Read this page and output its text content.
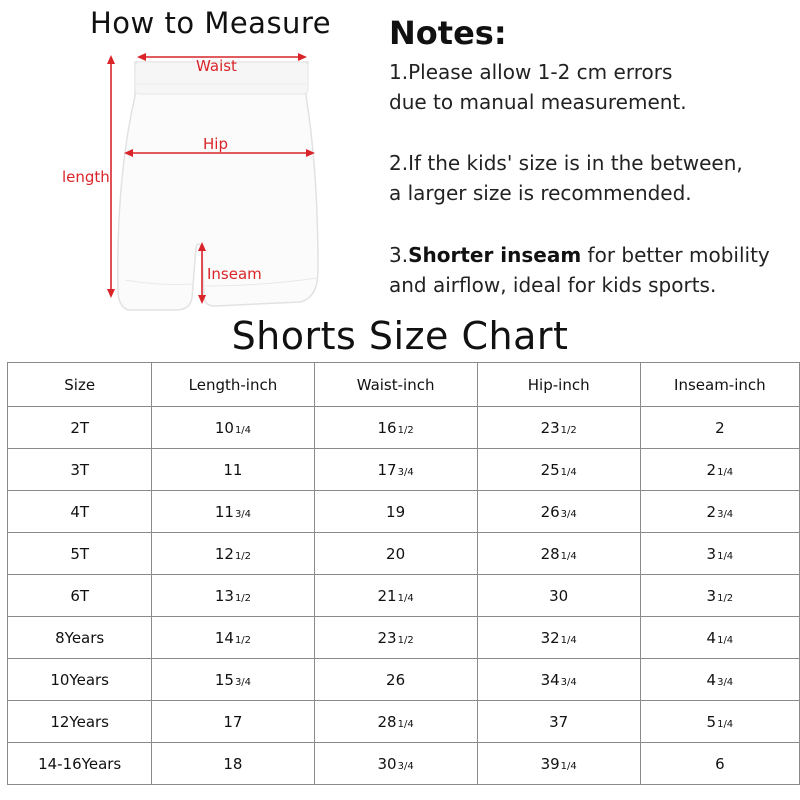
How to Measure
Waist
Hip
length
Inseam
Notes:
1.Please allow 1-2 cm errors
due to manual measurement.
2.If the kids' size is in the between,
a larger size is recommended.
3.Shorter inseam for better mobility
and airflow, ideal for kids sports.
Shorts Size Chart
Size	Length-inch	Waist-inch	Hip-inch	Inseam-inch
2T	101/4	161/2	231/2	2
3T	11	173/4	251/4	21/4
4T	113/4	19	263/4	23/4
5T	121/2	20	281/4	31/4
6T	131/2	211/4	30	31/2
8Years	141/2	231/2	321/4	41/4
10Years	153/4	26	343/4	43/4
12Years	17	281/4	37	51/4
14-16Years	18	303/4	391/4	6
